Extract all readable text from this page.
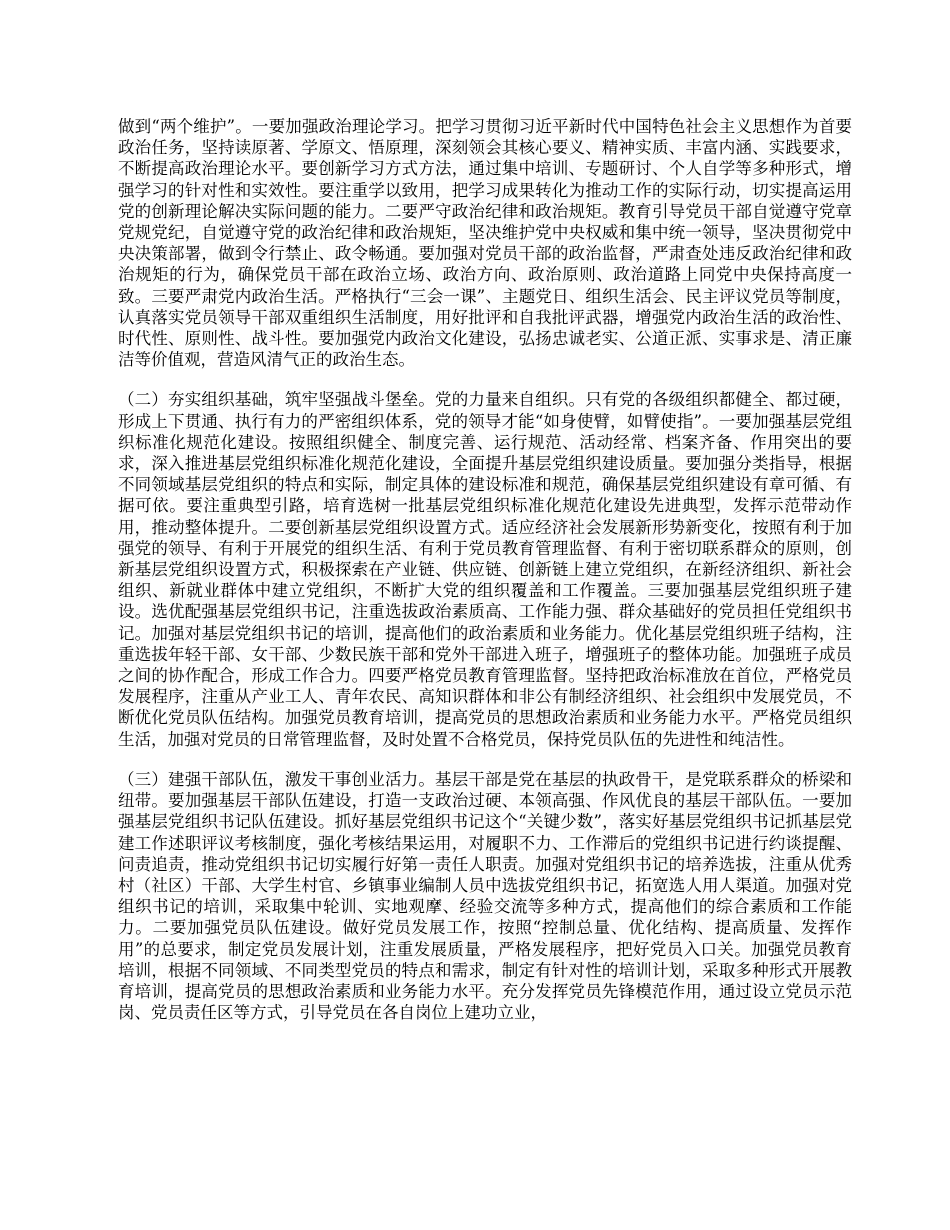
做到“两个维护”。一要加强政治理论学习。把学习贯彻习近平新时代中国特色社会主义思想作为首要政治任务，坚持读原著、学原文、悟原理，深刻领会其核心要义、精神实质、丰富内涵、实践要求，不断提高政治理论水平。要创新学习方式方法，通过集中培训、专题研讨、个人自学等多种形式，增强学习的针对性和实效性。要注重学以致用，把学习成果转化为推动工作的实际行动，切实提高运用党的创新理论解决实际问题的能力。二要严守政治纪律和政治规矩。教育引导党员干部自觉遵守党章党规党纪，自觉遵守党的政治纪律和政治规矩，坚决维护党中央权威和集中统一领导，坚决贯彻党中央决策部署，做到令行禁止、政令畅通。要加强对党员干部的政治监督，严肃查处违反政治纪律和政治规矩的行为，确保党员干部在政治立场、政治方向、政治原则、政治道路上同党中央保持高度一致。三要严肃党内政治生活。严格执行“三会一课”、主题党日、组织生活会、民主评议党员等制度，认真落实党员领导干部双重组织生活制度，用好批评和自我批评武器，增强党内政治生活的政治性、时代性、原则性、战斗性。要加强党内政治文化建设，弘扬忠诚老实、公道正派、实事求是、清正廉洁等价值观，营造风清气正的政治生态。

（二）夯实组织基础，筑牢坚强战斗堡垒。党的力量来自组织。只有党的各级组织都健全、都过硬，形成上下贯通、执行有力的严密组织体系，党的领导才能“如身使臂，如臂使指”。一要加强基层党组织标准化规范化建设。按照组织健全、制度完善、运行规范、活动经常、档案齐备、作用突出的要求，深入推进基层党组织标准化规范化建设，全面提升基层党组织建设质量。要加强分类指导，根据不同领域基层党组织的特点和实际，制定具体的建设标准和规范，确保基层党组织建设有章可循、有据可依。要注重典型引路，培育选树一批基层党组织标准化规范化建设先进典型，发挥示范带动作用，推动整体提升。二要创新基层党组织设置方式。适应经济社会发展新形势新变化，按照有利于加强党的领导、有利于开展党的组织生活、有利于党员教育管理监督、有利于密切联系群众的原则，创新基层党组织设置方式，积极探索在产业链、供应链、创新链上建立党组织，在新经济组织、新社会组织、新就业群体中建立党组织，不断扩大党的组织覆盖和工作覆盖。三要加强基层党组织班子建设。选优配强基层党组织书记，注重选拔政治素质高、工作能力强、群众基础好的党员担任党组织书记。加强对基层党组织书记的培训，提高他们的政治素质和业务能力。优化基层党组织班子结构，注重选拔年轻干部、女干部、少数民族干部和党外干部进入班子，增强班子的整体功能。加强班子成员之间的协作配合，形成工作合力。四要严格党员教育管理监督。坚持把政治标准放在首位，严格党员发展程序，注重从产业工人、青年农民、高知识群体和非公有制经济组织、社会组织中发展党员，不断优化党员队伍结构。加强党员教育培训，提高党员的思想政治素质和业务能力水平。严格党员组织生活，加强对党员的日常管理监督，及时处置不合格党员，保持党员队伍的先进性和纯洁性。

（三）建强干部队伍，激发干事创业活力。基层干部是党在基层的执政骨干，是党联系群众的桥梁和纽带。要加强基层干部队伍建设，打造一支政治过硬、本领高强、作风优良的基层干部队伍。一要加强基层党组织书记队伍建设。抓好基层党组织书记这个“关键少数”，落实好基层党组织书记抓基层党建工作述职评议考核制度，强化考核结果运用，对履职不力、工作滞后的党组织书记进行约谈提醒、问责追责，推动党组织书记切实履行好第一责任人职责。加强对党组织书记的培养选拔，注重从优秀村（社区）干部、大学生村官、乡镇事业编制人员中选拔党组织书记，拓宽选人用人渠道。加强对党组织书记的培训，采取集中轮训、实地观摩、经验交流等多种方式，提高他们的综合素质和工作能力。二要加强党员队伍建设。做好党员发展工作，按照“控制总量、优化结构、提高质量、发挥作用”的总要求，制定党员发展计划，注重发展质量，严格发展程序，把好党员入口关。加强党员教育培训，根据不同领域、不同类型党员的特点和需求，制定有针对性的培训计划，采取多种形式开展教育培训，提高党员的思想政治素质和业务能力水平。充分发挥党员先锋模范作用，通过设立党员示范岗、党员责任区等方式，引导党员在各自岗位上建功立业，
